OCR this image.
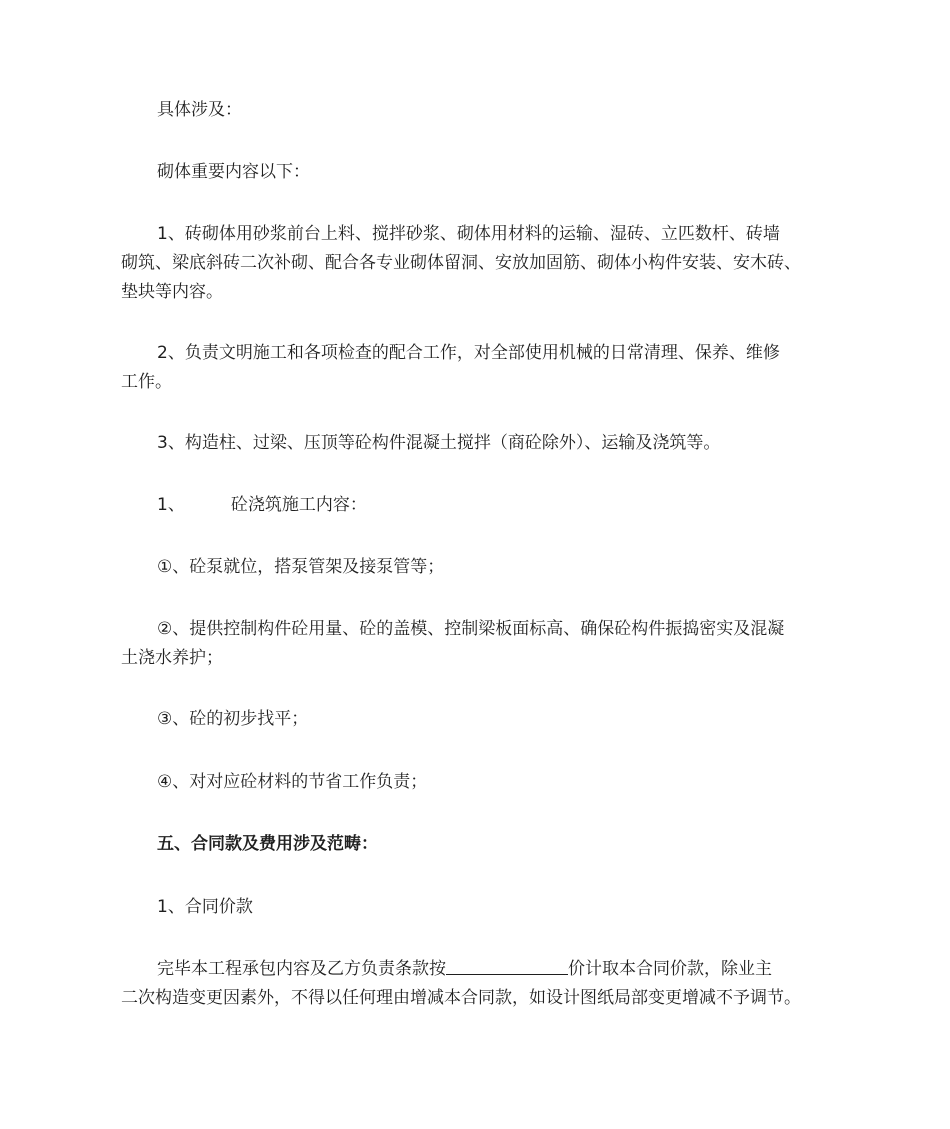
具体涉及：

砌体重要内容以下：

1、砖砌体用砂浆前台上料、搅拌砂浆、砌体用材料的运输、湿砖、立匹数杆、砖墙
砌筑、梁底斜砖二次补砌、配合各专业砌体留洞、安放加固筋、砌体小构件安装、安木砖、
垫块等内容。

2、负责文明施工和各项检查的配合工作，对全部使用机械的日常清理、保养、维修
工作。

3、构造柱、过梁、压顶等砼构件混凝土搅拌（商砼除外）、运输及浇筑等。

1、	砼浇筑施工内容：

①、砼泵就位，搭泵管架及接泵管等；

②、提供控制构件砼用量、砼的盖模、控制梁板面标高、确保砼构件振捣密实及混凝
土浇水养护；

③、砼的初步找平；

④、对对应砼材料的节省工作负责；

五、合同款及费用涉及范畴：

1、合同价款

完毕本工程承包内容及乙方负责条款按	价计取本合同价款，除业主
二次构造变更因素外，不得以任何理由增减本合同款，如设计图纸局部变更增减不予调节。
